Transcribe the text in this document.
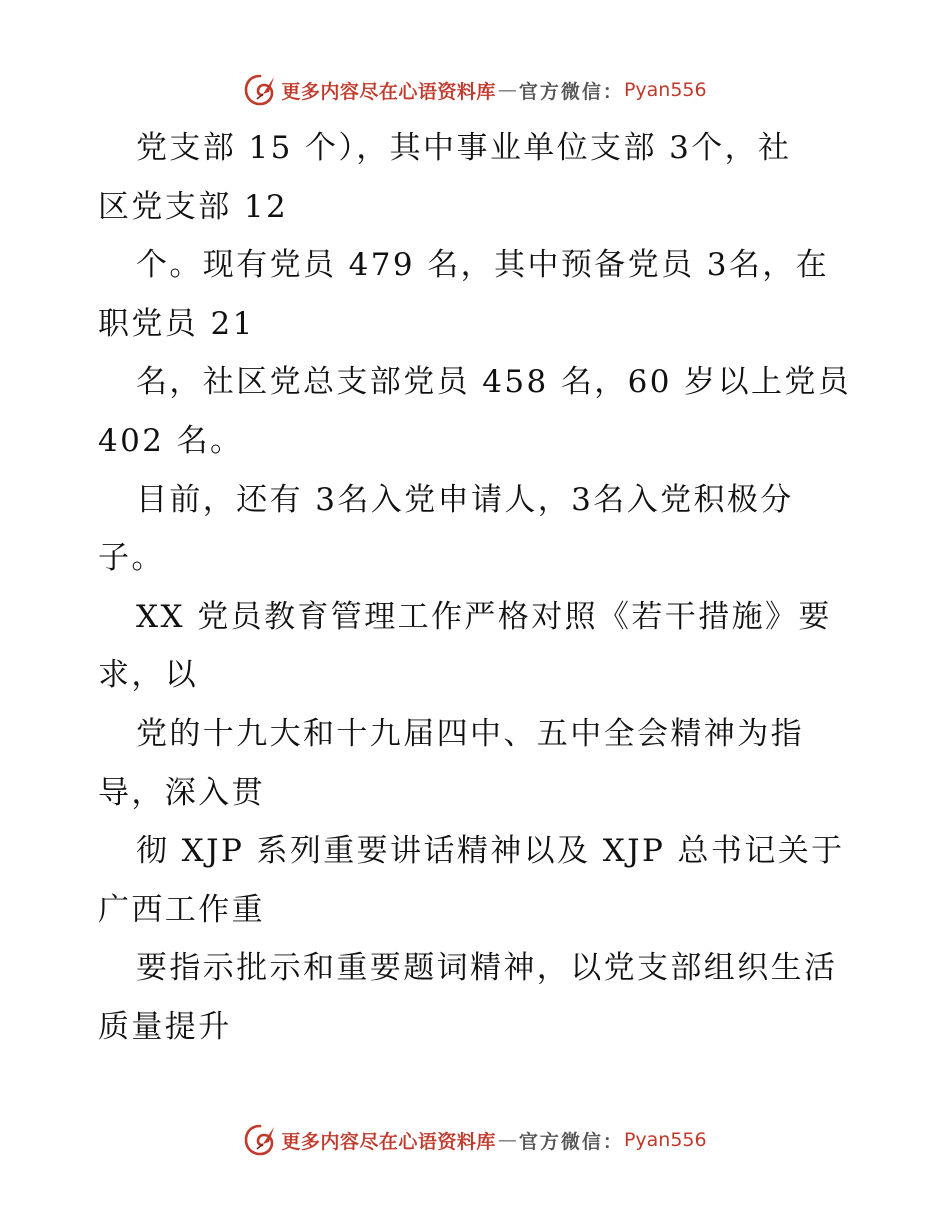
更多内容尽在心语资料库 — 官方微信： Pyan556

党支部 15 个），其中事业单位支部 3个，社

区党支部 12

个。现有党员 479 名，其中预备党员 3名，在

职党员 21

名，社区党总支部党员 458 名，60 岁以上党员

402 名。

目前，还有 3名入党申请人，3名入党积极分

子。

XX 党员教育管理工作严格对照《若干措施》要

求，以

党的十九大和十九届四中、五中全会精神为指

导，深入贯

彻 XJP 系列重要讲话精神以及 XJP 总书记关于

广西工作重

要指示批示和重要题词精神，以党支部组织生活

质量提升

更多内容尽在心语资料库 — 官方微信： Pyan556
